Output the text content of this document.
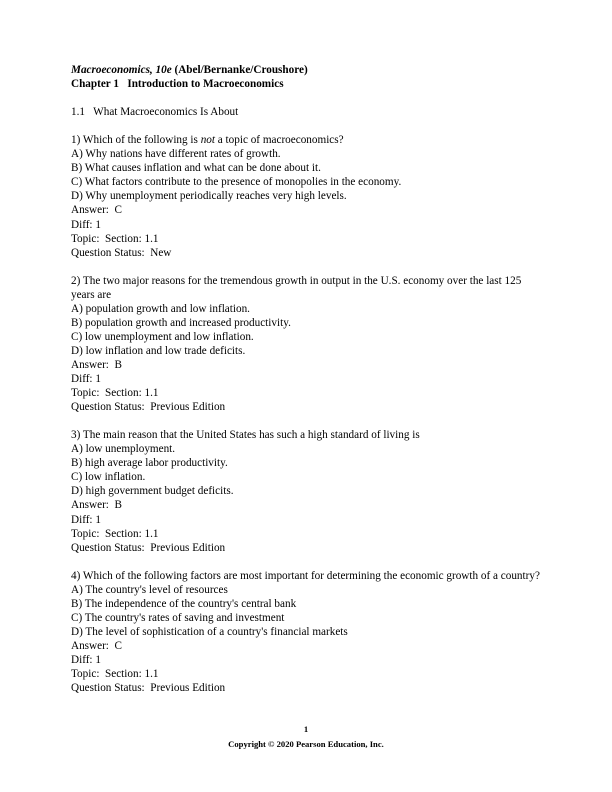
Macroeconomics, 10e (Abel/Bernanke/Croushore)
Chapter 1   Introduction to Macroeconomics
1.1   What Macroeconomics Is About
1) Which of the following is not a topic of macroeconomics?
A) Why nations have different rates of growth.
B) What causes inflation and what can be done about it.
C) What factors contribute to the presence of monopolies in the economy.
D) Why unemployment periodically reaches very high levels.
Answer:  C
Diff: 1
Topic:  Section: 1.1
Question Status:  New
2) The two major reasons for the tremendous growth in output in the U.S. economy over the last 125 years are
A) population growth and low inflation.
B) population growth and increased productivity.
C) low unemployment and low inflation.
D) low inflation and low trade deficits.
Answer:  B
Diff: 1
Topic:  Section: 1.1
Question Status:  Previous Edition
3) The main reason that the United States has such a high standard of living is
A) low unemployment.
B) high average labor productivity.
C) low inflation.
D) high government budget deficits.
Answer:  B
Diff: 1
Topic:  Section: 1.1
Question Status:  Previous Edition
4) Which of the following factors are most important for determining the economic growth of a country?
A) The country's level of resources
B) The independence of the country's central bank
C) The country's rates of saving and investment
D) The level of sophistication of a country's financial markets
Answer:  C
Diff: 1
Topic:  Section: 1.1
Question Status:  Previous Edition
1
Copyright © 2020 Pearson Education, Inc.
